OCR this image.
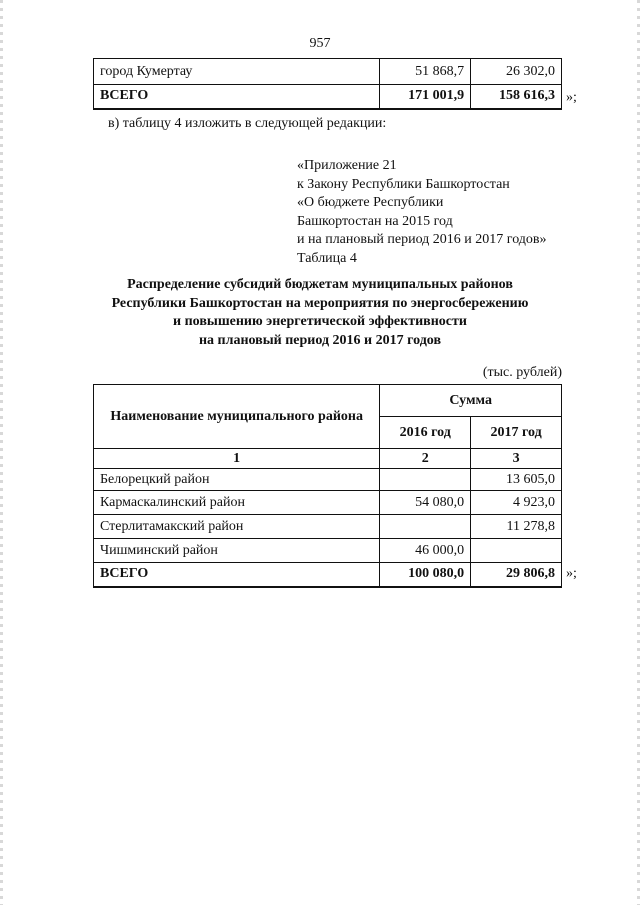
957
город Кумертау	51 868,7	26 302,0
ВСЕГО	171 001,9	158 616,3 »;
в) таблицу 4 изложить в следующей редакции:
«Приложение 21
к Закону Республики Башкортостан
«О бюджете Республики
Башкортостан на 2015 год
и на плановый период 2016 и 2017 годов»
Таблица 4
Распределение субсидий бюджетам муниципальных районов
Республики Башкортостан на мероприятия по энергосбережению
и повышению энергетической эффективности
на плановый период 2016 и 2017 годов
(тыс. рублей)
Наименование муниципального района	Сумма	
	2016 год	2017 год
1	2	3
Белорецкий район		13 605,0
Кармаскалинский район	54 080,0	4 923,0
Стерлитамакский район		11 278,8
Чишминский район	46 000,0	
ВСЕГО	100 080,0	29 806,8 »;
